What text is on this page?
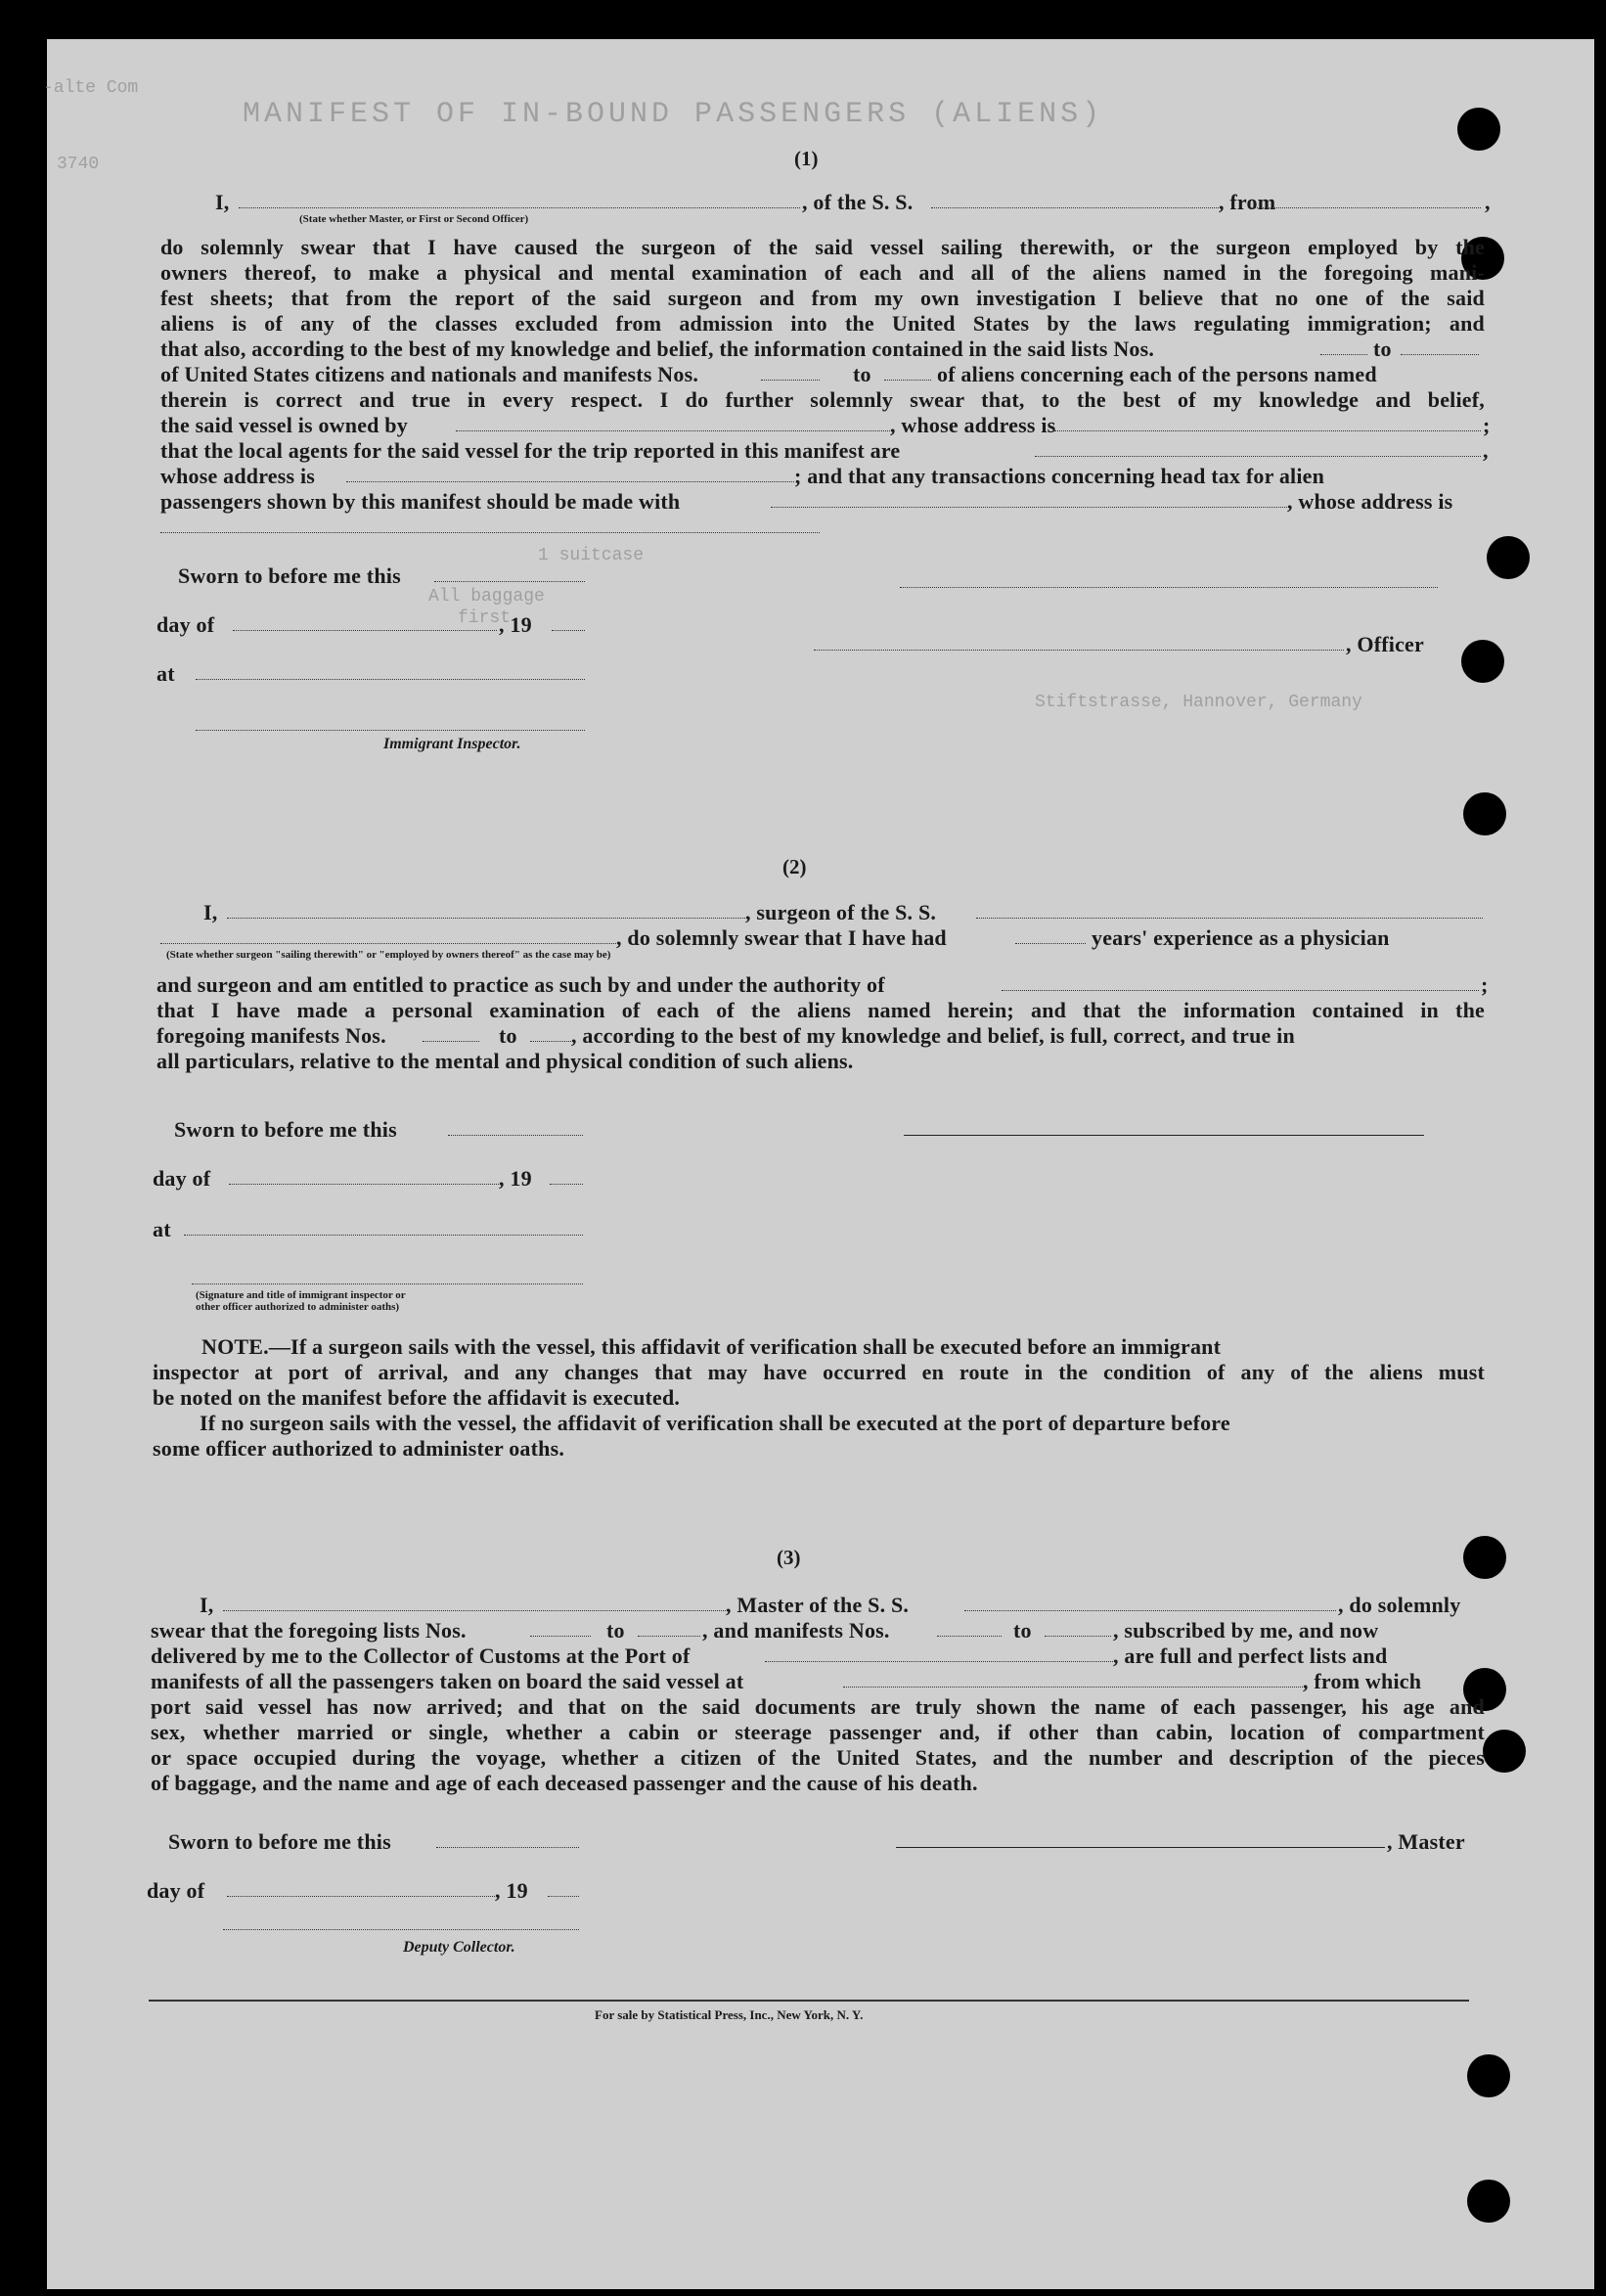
MANIFEST OF IN-BOUND PASSENGERS (ALIENS)
-alte Com
3740
1 suitcase
All baggage
first
Stiftstrasse, Hannover, Germany
(1)
I,
(State whether Master, or First or Second Officer)
, of the S. S.	, from	,
do solemnly swear that I have caused the surgeon of the said vessel sailing therewith, or the surgeon employed by the
owners thereof, to make a physical and mental examination of each and all of the aliens named in the foregoing mani-
fest sheets; that from the report of the said surgeon and from my own investigation I believe that no one of the said
aliens is of any of the classes excluded from admission into the United States by the laws regulating immigration; and
that also, according to the best of my knowledge and belief, the information contained in the said lists Nos.	to
of United States citizens and nationals and manifests Nos.	to	of aliens concerning each of the persons named
therein is correct and true in every respect. I do further solemnly swear that, to the best of my knowledge and belief,
the said vessel is owned by	, whose address is	;
that the local agents for the said vessel for the trip reported in this manifest are	,
whose address is	; and that any transactions concerning head tax for alien
passengers shown by this manifest should be made with	, whose address is
Sworn to before me this
day of	, 19
, Officer
at
Immigrant Inspector.
(2)
I,	, surgeon of the S. S.
, do solemnly swear that I have had	years' experience as a physician
(State whether surgeon "sailing therewith" or "employed by owners thereof" as the case may be)
and surgeon and am entitled to practice as such by and under the authority of	;
that I have made a personal examination of each of the aliens named herein; and that the information contained in the
foregoing manifests Nos.	to	, according to the best of my knowledge and belief, is full, correct, and true in
all particulars, relative to the mental and physical condition of such aliens.
Sworn to before me this
day of	, 19
at
(Signature and title of immigrant inspector or
other officer authorized to administer oaths)
NOTE.—If a surgeon sails with the vessel, this affidavit of verification shall be executed before an immigrant
inspector at port of arrival, and any changes that may have occurred en route in the condition of any of the aliens must
be noted on the manifest before the affidavit is executed.
If no surgeon sails with the vessel, the affidavit of verification shall be executed at the port of departure before
some officer authorized to administer oaths.
(3)
I,	, Master of the S. S.	, do solemnly
swear that the foregoing lists Nos.	to	, and manifests Nos.	to	, subscribed by me, and now
delivered by me to the Collector of Customs at the Port of	, are full and perfect lists and
manifests of all the passengers taken on board the said vessel at	, from which
port said vessel has now arrived; and that on the said documents are truly shown the name of each passenger, his age and
sex, whether married or single, whether a cabin or steerage passenger and, if other than cabin, location of compartment
or space occupied during the voyage, whether a citizen of the United States, and the number and description of the pieces
of baggage, and the name and age of each deceased passenger and the cause of his death.
Sworn to before me this	, Master
day of	, 19
Deputy Collector.
For sale by Statistical Press, Inc., New York, N. Y.
